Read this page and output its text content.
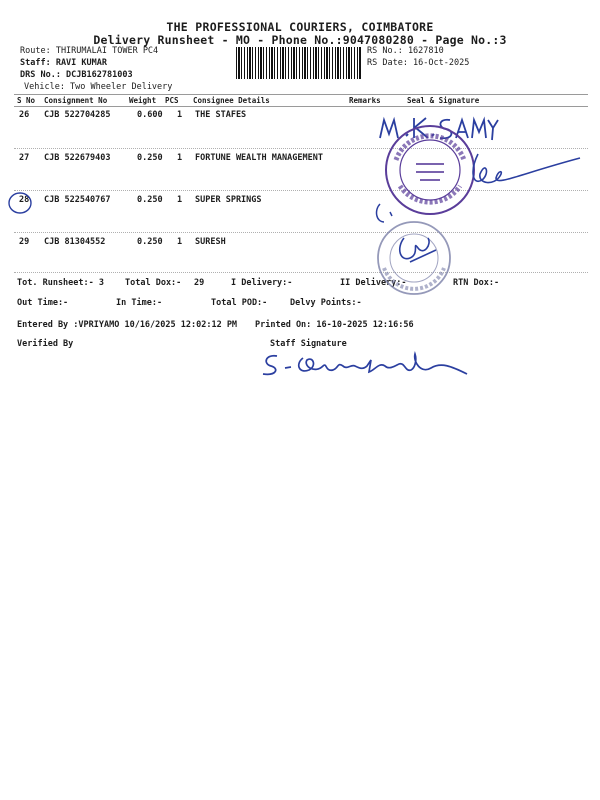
THE PROFESSIONAL COURIERS, COIMBATORE
Delivery Runsheet - MO - Phone No.:9047080280 - Page No.:3
Route: THIRUMALAI TOWER PC4
Staff: RAVI KUMAR
DRS No.: DCJB162781003
Vehicle: Two Wheeler Delivery
RS No.: 1627810
RS Date: 16-Oct-2025
S No Consignment No	Weight PCS Consignee Details	Remarks	Seal & Signature
26 CJB 522704285	0.600 1 THE STAFES
27 CJB 522679403	0.250 1 FORTUNE WEALTH MANAGEMENT
28 CJB 522540767	0.250 1 SUPER SPRINGS
29 CJB 81304552	0.250 1 SURESH
Tot. Runsheet:- 3 Total Dox:- 29	I Delivery:-	II Delivery:-	RTN Dox:-
Out Time:-	In Time:-	Total POD:-	Delvy Points:-
Entered By :VPRIYAMO 10/16/2025 12:02:12 PM Printed On: 16-10-2025 12:16:56
Verified By	Staff Signature
